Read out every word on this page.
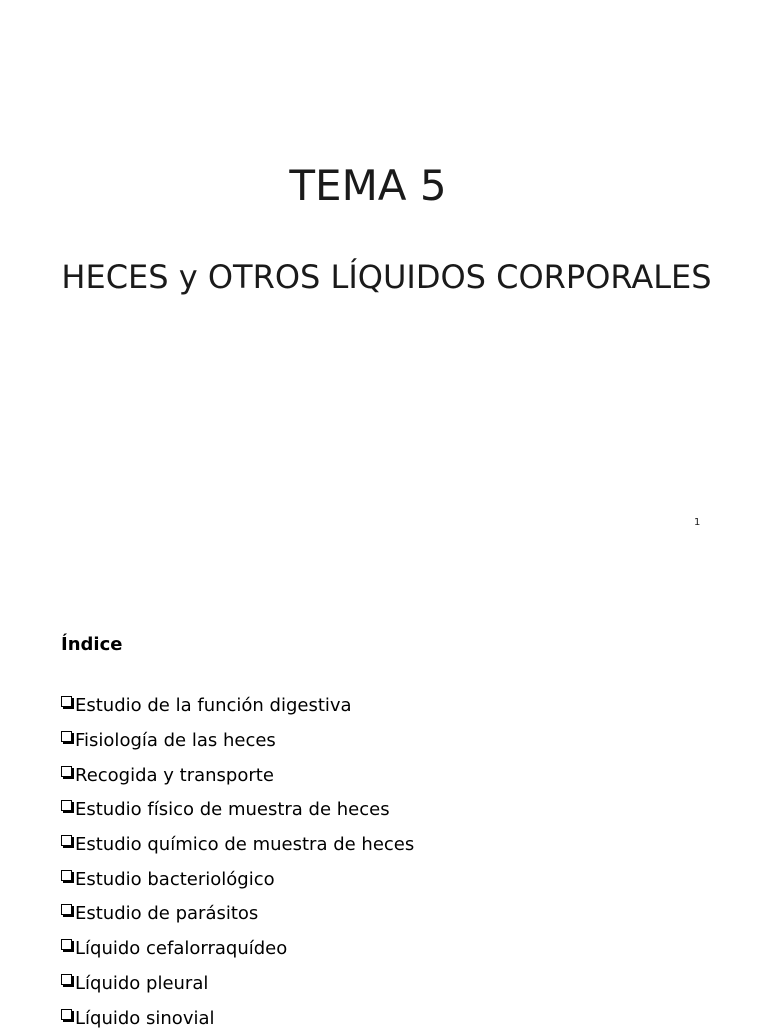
TEMA 5
HECES y OTROS LÍQUIDOS CORPORALES
1
Índice
Estudio de la función digestiva
Fisiología de las heces
Recogida y transporte
Estudio físico de muestra de heces
Estudio químico de muestra de heces
Estudio bacteriológico
Estudio de parásitos
Líquido cefalorraquídeo
Líquido pleural
Líquido sinovial
